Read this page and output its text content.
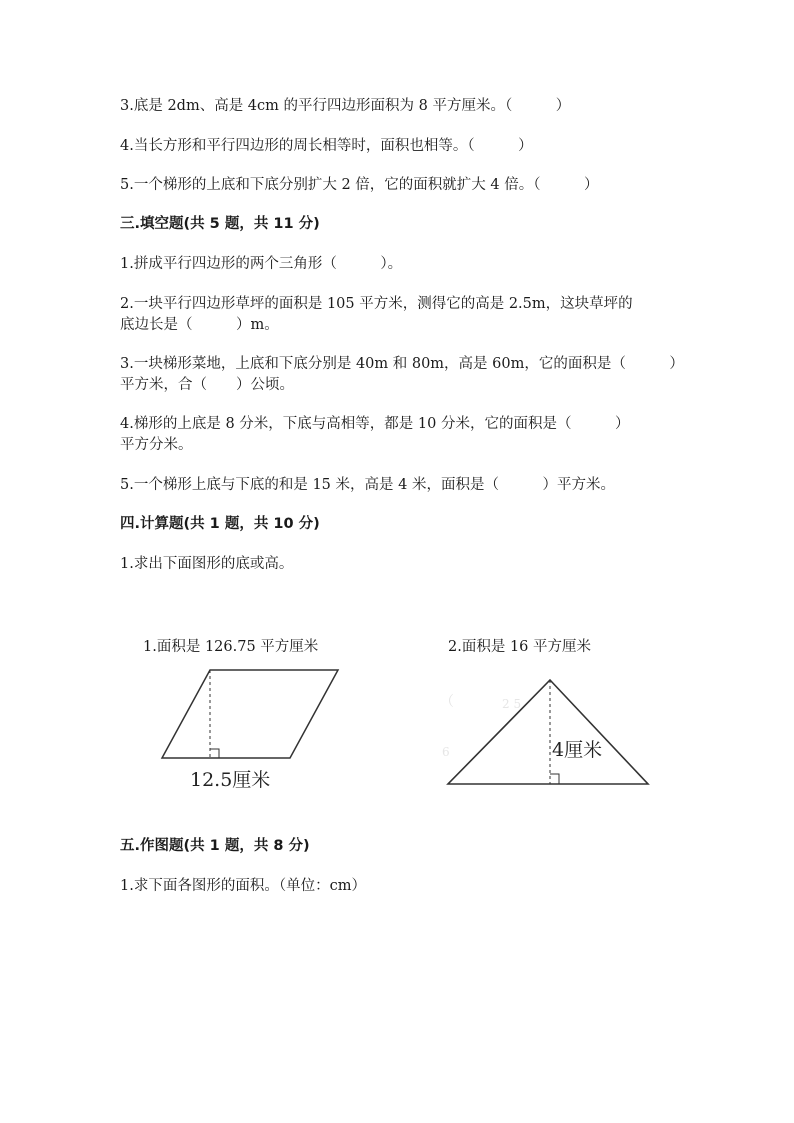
3.底是 2dm、高是 4cm 的平行四边形面积为 8 平方厘米。（　　　）
4.当长方形和平行四边形的周长相等时，面积也相等。（　　　）
5.一个梯形的上底和下底分别扩大 2 倍，它的面积就扩大 4 倍。（　　　）
三.填空题(共 5 题，共 11 分)
1.拼成平行四边形的两个三角形（　　　）。
2.一块平行四边形草坪的面积是 105 平方米，测得它的高是 2.5m，这块草坪的
底边长是（　　　）m。
3.一块梯形菜地，上底和下底分别是 40m 和 80m，高是 60m，它的面积是（　　　）
平方米，合（　　）公顷。
4.梯形的上底是 8 分米，下底与高相等，都是 10 分米，它的面积是（　　　）
平方分米。
5.一个梯形上底与下底的和是 15 米，高是 4 米，面积是（　　　）平方米。
四.计算题(共 1 题，共 10 分)
1.求出下面图形的底或高。
1.面积是 126.75 平方厘米
12.5厘米
2.面积是 16 平方厘米
（	2 5
6	4厘米
五.作图题(共 1 题，共 8 分)
1.求下面各图形的面积。（单位：cm）
